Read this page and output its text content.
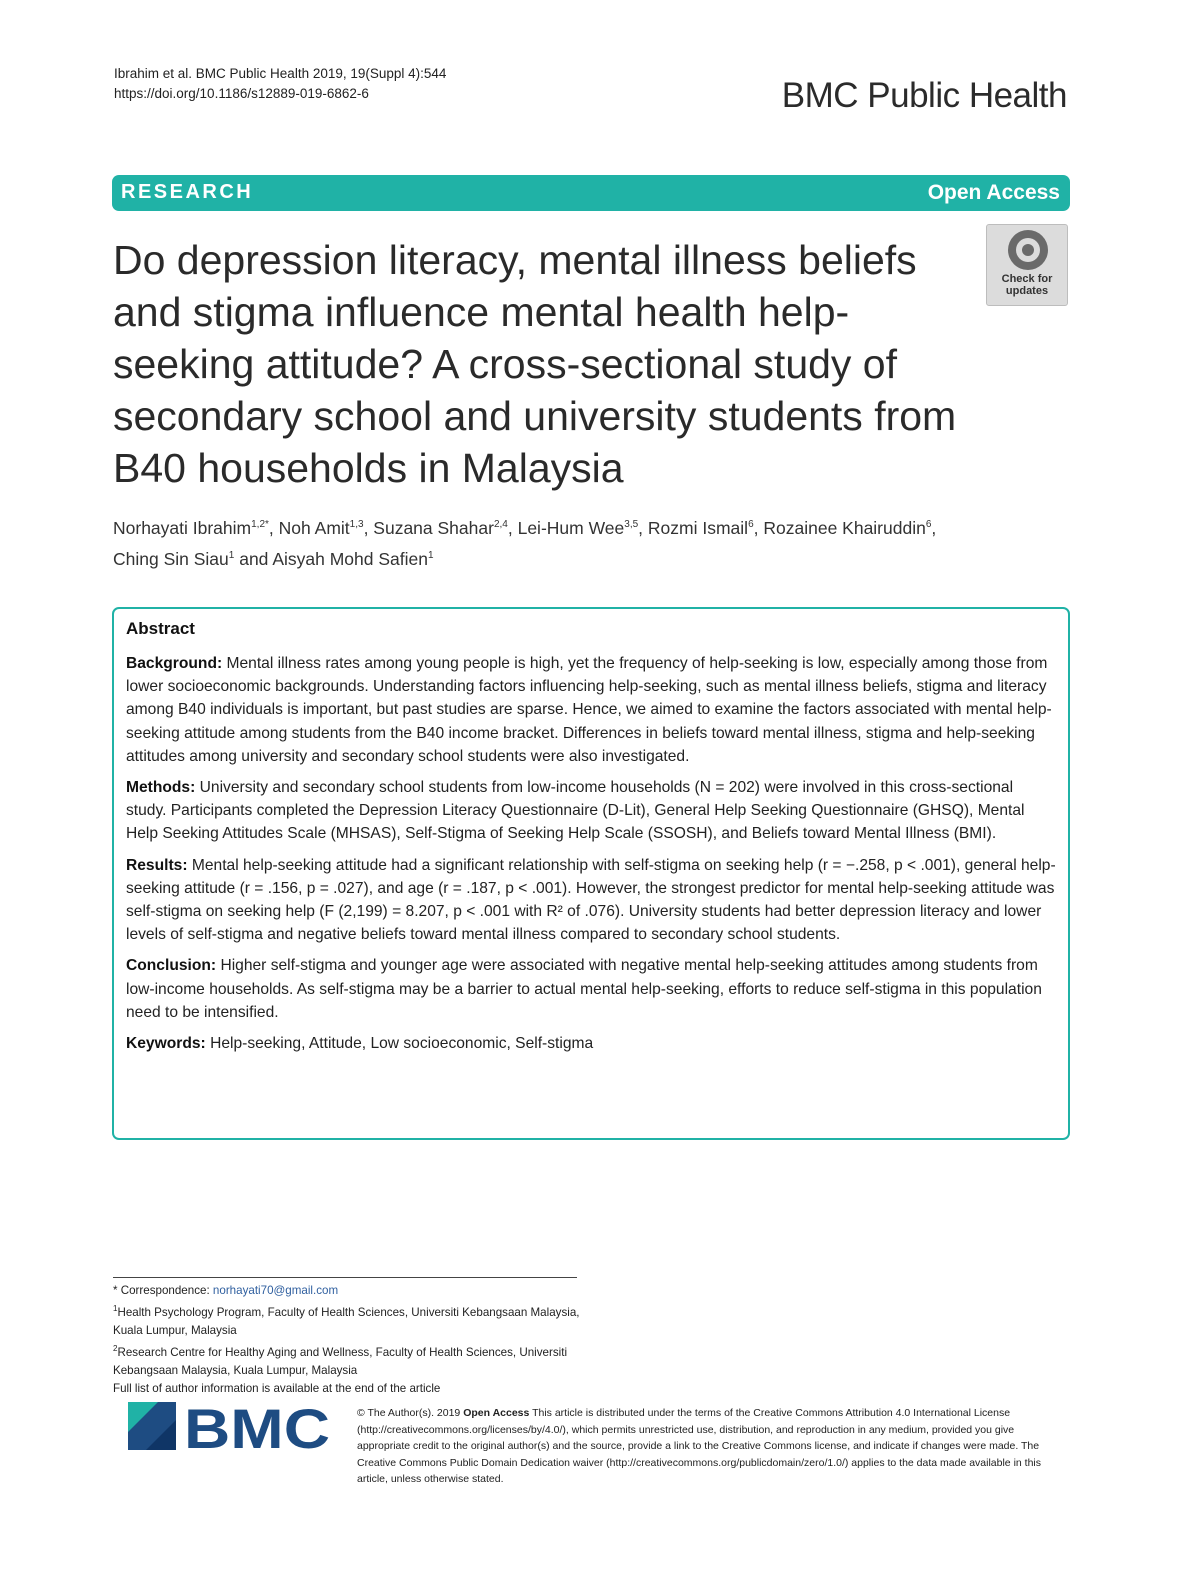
Ibrahim et al. BMC Public Health 2019, 19(Suppl 4):544
https://doi.org/10.1186/s12889-019-6862-6	BMC Public Health
RESEARCH	Open Access
Do depression literacy, mental illness beliefs and stigma influence mental health help-seeking attitude? A cross-sectional study of secondary school and university students from B40 households in Malaysia
Check for updates
Norhayati Ibrahim$^{1,2*}$, Noh Amit$^{1,3}$, Suzana Shahar$^{2,4}$, Lei-Hum Wee$^{3,5}$, Rozmi Ismail$^6$, Rozainee Khairuddin$^6$,
Ching Sin Siau$^1$ and Aisyah Mohd Safien$^1$
Abstract
Background: Mental illness rates among young people is high, yet the frequency of help-seeking is low, especially among those from lower socioeconomic backgrounds. Understanding factors influencing help-seeking, such as mental illness beliefs, stigma and literacy among B40 individuals is important, but past studies are sparse. Hence, we aimed to examine the factors associated with mental help-seeking attitude among students from the B40 income bracket. Differences in beliefs toward mental illness, stigma and help-seeking attitudes among university and secondary school students were also investigated.
Methods: University and secondary school students from low-income households (N = 202) were involved in this cross-sectional study. Participants completed the Depression Literacy Questionnaire (D-Lit), General Help Seeking Questionnaire (GHSQ), Mental Help Seeking Attitudes Scale (MHSAS), Self-Stigma of Seeking Help Scale (SSOSH), and Beliefs toward Mental Illness (BMI).
Results: Mental help-seeking attitude had a significant relationship with self-stigma on seeking help (r = −.258, p < .001), general help-seeking attitude (r = .156, p = .027), and age (r = .187, p < .001). However, the strongest predictor for mental help-seeking attitude was self-stigma on seeking help (F (2,199) = 8.207, p < .001 with R² of .076). University students had better depression literacy and lower levels of self-stigma and negative beliefs toward mental illness compared to secondary school students.
Conclusion: Higher self-stigma and younger age were associated with negative mental help-seeking attitudes among students from low-income households. As self-stigma may be a barrier to actual mental help-seeking, efforts to reduce self-stigma in this population need to be intensified.
Keywords: Help-seeking, Attitude, Low socioeconomic, Self-stigma
* Correspondence: norhayati70@gmail.com
$^1$Health Psychology Program, Faculty of Health Sciences, Universiti Kebangsaan Malaysia, Kuala Lumpur, Malaysia
$^2$Research Centre for Healthy Aging and Wellness, Faculty of Health Sciences, Universiti Kebangsaan Malaysia, Kuala Lumpur, Malaysia
Full list of author information is available at the end of the article
BMC	© The Author(s). 2019 Open Access This article is distributed under the terms of the Creative Commons Attribution 4.0 International License (http://creativecommons.org/licenses/by/4.0/), which permits unrestricted use, distribution, and reproduction in any medium, provided you give appropriate credit to the original author(s) and the source, provide a link to the Creative Commons license, and indicate if changes were made. The Creative Commons Public Domain Dedication waiver (http://creativecommons.org/publicdomain/zero/1.0/) applies to the data made available in this article, unless otherwise stated.
